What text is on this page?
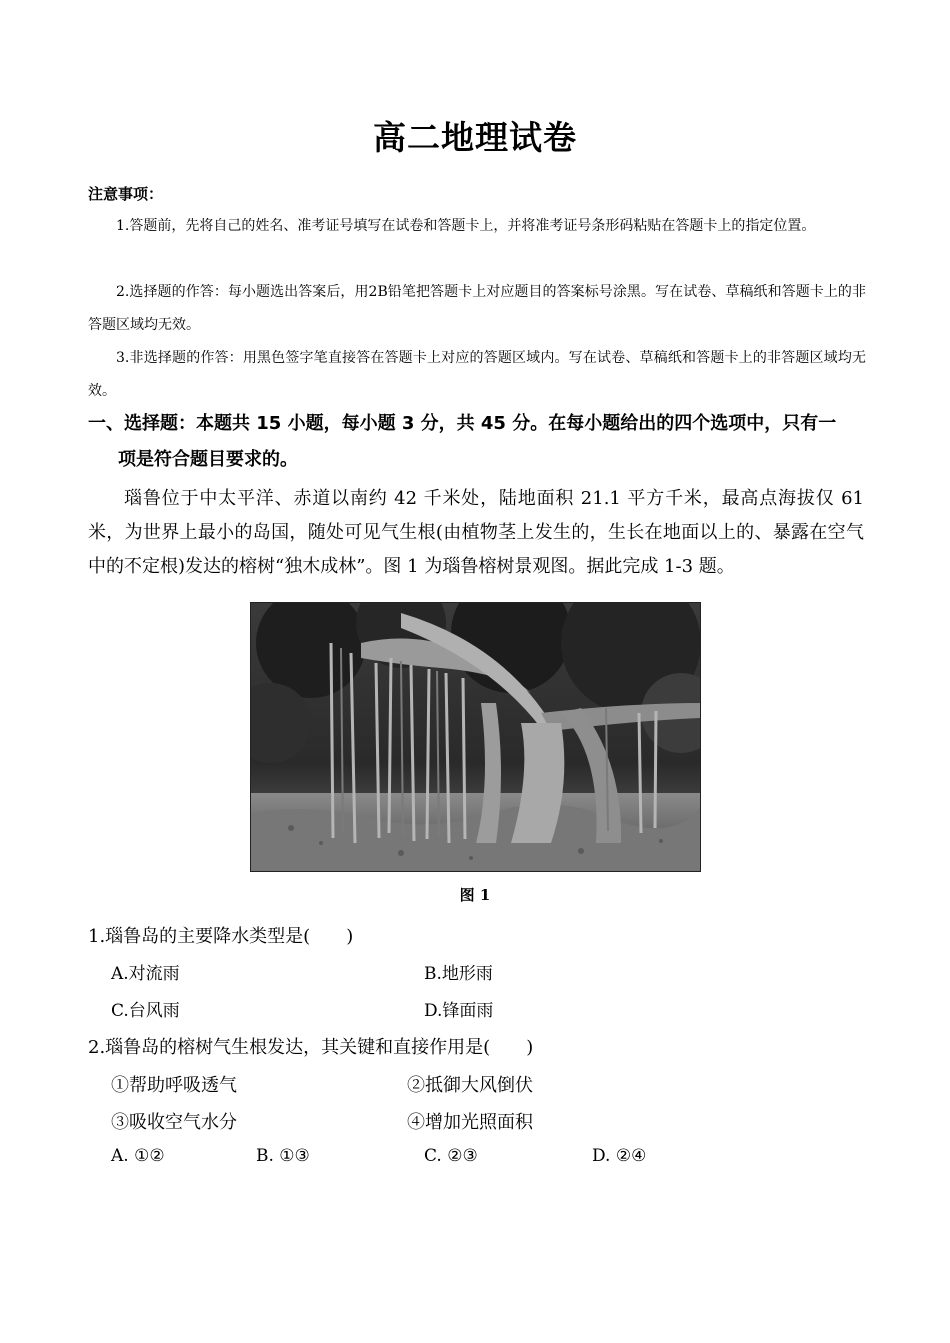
高二地理试卷
注意事项：
1.答题前，先将自己的姓名、准考证号填写在试卷和答题卡上，并将准考证号条形码粘贴在答题卡上的指定位置。
2.选择题的作答：每小题选出答案后，用2B铅笔把答题卡上对应题目的答案标号涂黑。写在试卷、草稿纸和答题卡上的非答题区域均无效。
3.非选择题的作答：用黑色签字笔直接答在答题卡上对应的答题区域内。写在试卷、草稿纸和答题卡上的非答题区域均无效。
一、选择题：本题共 15 小题，每小题 3 分，共 45 分。在每小题给出的四个选项中，只有一
项是符合题目要求的。
瑙鲁位于中太平洋、赤道以南约 42 千米处，陆地面积 21.1 平方千米，最高点海拔仅 61 米，为世界上最小的岛国，随处可见气生根(由植物茎上发生的，生长在地面以上的、暴露在空气中的不定根)发达的榕树“独木成林”。图 1 为瑙鲁榕树景观图。据此完成 1-3 题。
图 1
1.瑙鲁岛的主要降水类型是(　　)
A.对流雨	B.地形雨
C.台风雨	D.锋面雨
2.瑙鲁岛的榕树气生根发达，其关键和直接作用是(　　)
①帮助呼吸透气	②抵御大风倒伏
③吸收空气水分	④增加光照面积
A. ①②	B. ①③	C. ②③	D. ②④
